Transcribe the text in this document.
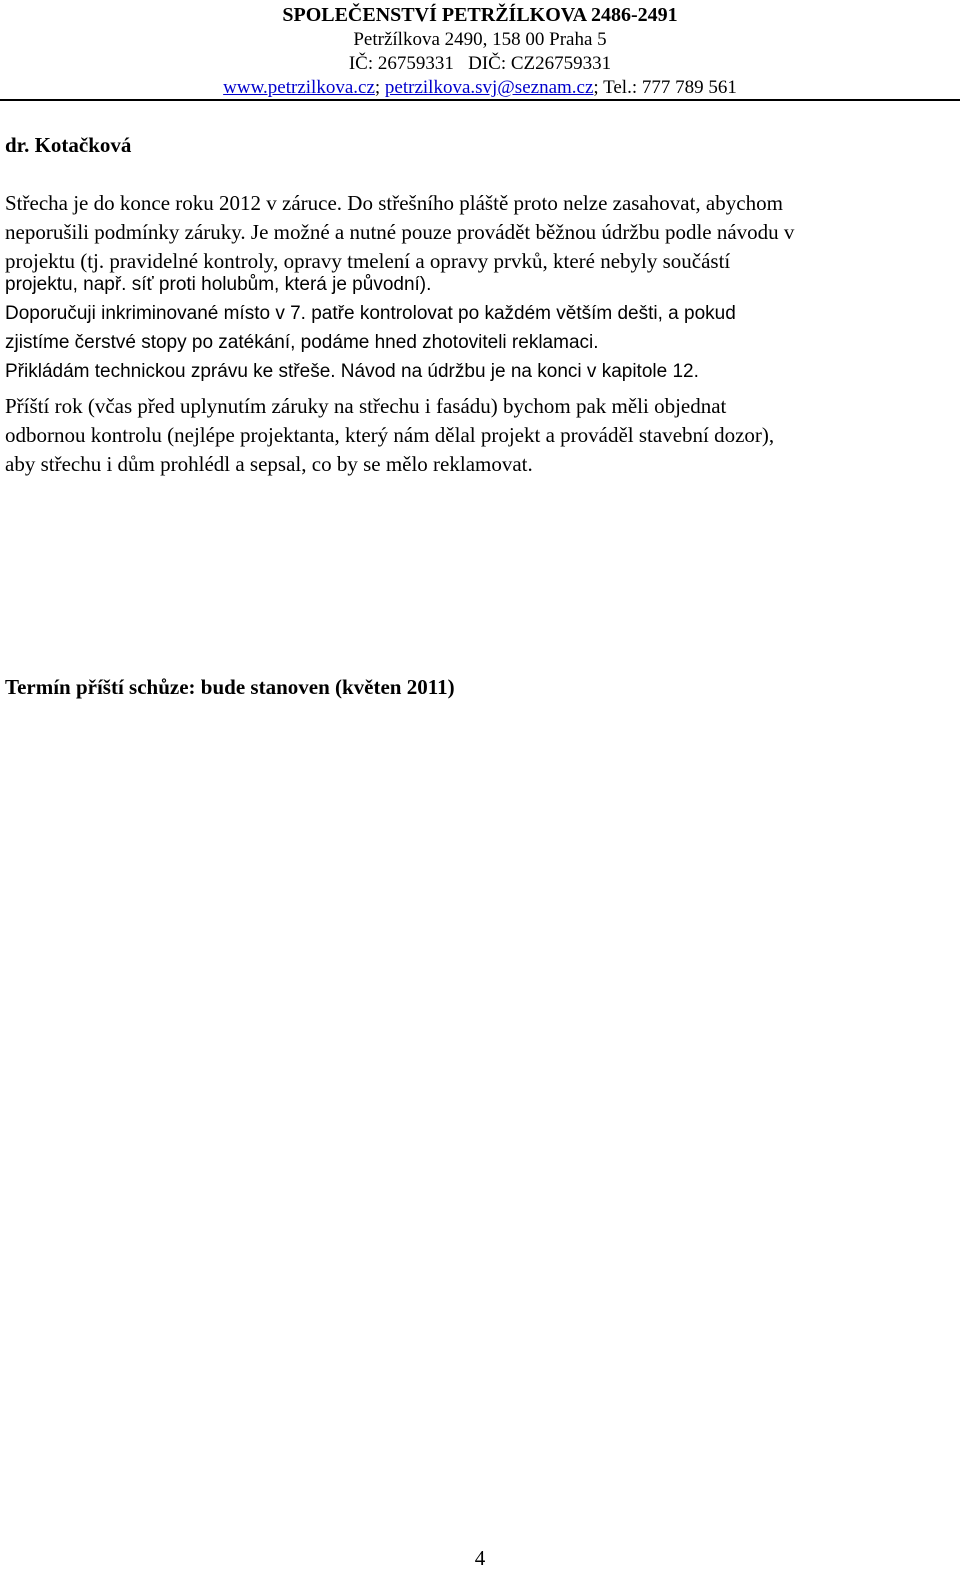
SPOLEČENSTVÍ PETRŽÍLKOVA 2486-2491
Petržílkova 2490, 158 00 Praha 5
IČ: 26759331   DIČ: CZ26759331
www.petrzilkova.cz; petrzilkova.svj@seznam.cz; Tel.: 777 789 561
dr. Kotačková
Střecha je do konce roku 2012 v záruce. Do střešního pláště proto nelze zasahovat, abychom
neporušili podmínky záruky. Je možné a nutné pouze provádět běžnou údržbu podle návodu v
projektu (tj. pravidelné kontroly, opravy tmelení a opravy prvků, které nebyly součástí
projektu, např. síť proti holubům, která je původní).
Doporučuji inkriminované místo v 7. patře kontrolovat po každém větším dešti, a pokud
zjistíme čerstvé stopy po zatékání, podáme hned zhotoviteli reklamaci.
Přikládám technickou zprávu ke střeše. Návod na údržbu je na konci v kapitole 12.
Příští rok (včas před uplynutím záruky na střechu i fasádu) bychom pak měli objednat
odbornou kontrolu (nejlépe projektanta, který nám dělal projekt a prováděl stavební dozor),
aby střechu i dům prohlédl a sepsal, co by se mělo reklamovat.
Termín příští schůze: bude stanoven (květen 2011)
4
